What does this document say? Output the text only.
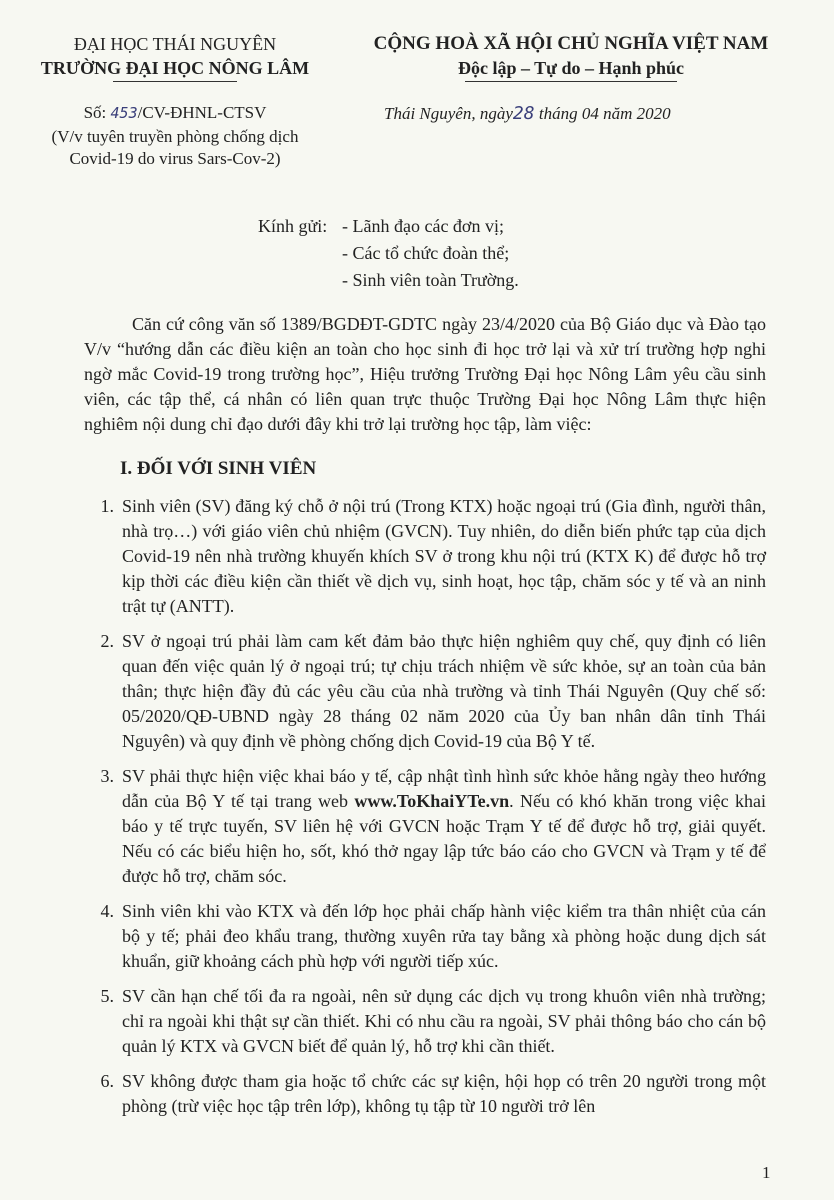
ĐẠI HỌC THÁI NGUYÊN
TRƯỜNG ĐẠI HỌC NÔNG LÂM
CỘNG HOÀ XÃ HỘI CHỦ NGHĨA VIỆT NAM
Độc lập – Tự do – Hạnh phúc
Số: 453/CV-ĐHNL-CTSV
(V/v tuyên truyền phòng chống dịch
Covid-19 do virus Sars-Cov-2)
Thái Nguyên, ngày28 tháng 04 năm 2020
Kính gửi: - Lãnh đạo các đơn vị;
- Các tổ chức đoàn thể;
- Sinh viên toàn Trường.
Căn cứ công văn số 1389/BGDĐT-GDTC ngày 23/4/2020 của Bộ Giáo dục và Đào tạo V/v “hướng dẫn các điều kiện an toàn cho học sinh đi học trở lại và xử trí trường hợp nghi ngờ mắc Covid-19 trong trường học”, Hiệu trưởng Trường Đại học Nông Lâm yêu cầu sinh viên, các tập thể, cá nhân có liên quan trực thuộc Trường Đại học Nông Lâm thực hiện nghiêm nội dung chỉ đạo dưới đây khi trở lại trường học tập, làm việc:
I. ĐỐI VỚI SINH VIÊN
1. Sinh viên (SV) đăng ký chỗ ở nội trú (Trong KTX) hoặc ngoại trú (Gia đình, người thân, nhà trọ…) với giáo viên chủ nhiệm (GVCN). Tuy nhiên, do diễn biến phức tạp của dịch Covid-19 nên nhà trường khuyến khích SV ở trong khu nội trú (KTX K) để được hỗ trợ kịp thời các điều kiện cần thiết về dịch vụ, sinh hoạt, học tập, chăm sóc y tế và an ninh trật tự (ANTT).
2. SV ở ngoại trú phải làm cam kết đảm bảo thực hiện nghiêm quy chế, quy định có liên quan đến việc quản lý ở ngoại trú; tự chịu trách nhiệm về sức khỏe, sự an toàn của bản thân; thực hiện đầy đủ các yêu cầu của nhà trường và tỉnh Thái Nguyên (Quy chế số: 05/2020/QĐ-UBND ngày 28 tháng 02 năm 2020 của Ủy ban nhân dân tỉnh Thái Nguyên) và quy định về phòng chống dịch Covid-19 của Bộ Y tế.
3. SV phải thực hiện việc khai báo y tế, cập nhật tình hình sức khỏe hằng ngày theo hướng dẫn của Bộ Y tế tại trang web www.ToKhaiYTe.vn. Nếu có khó khăn trong việc khai báo y tế trực tuyến, SV liên hệ với GVCN hoặc Trạm Y tế để được hỗ trợ, giải quyết. Nếu có các biểu hiện ho, sốt, khó thở ngay lập tức báo cáo cho GVCN và Trạm y tế để được hỗ trợ, chăm sóc.
4. Sinh viên khi vào KTX và đến lớp học phải chấp hành việc kiểm tra thân nhiệt của cán bộ y tế; phải đeo khẩu trang, thường xuyên rửa tay bằng xà phòng hoặc dung dịch sát khuẩn, giữ khoảng cách phù hợp với người tiếp xúc.
5. SV cần hạn chế tối đa ra ngoài, nên sử dụng các dịch vụ trong khuôn viên nhà trường; chỉ ra ngoài khi thật sự cần thiết. Khi có nhu cầu ra ngoài, SV phải thông báo cho cán bộ quản lý KTX và GVCN biết để quản lý, hỗ trợ khi cần thiết.
6. SV không được tham gia hoặc tổ chức các sự kiện, hội họp có trên 20 người trong một phòng (trừ việc học tập trên lớp), không tụ tập từ 10 người trở lên
1
